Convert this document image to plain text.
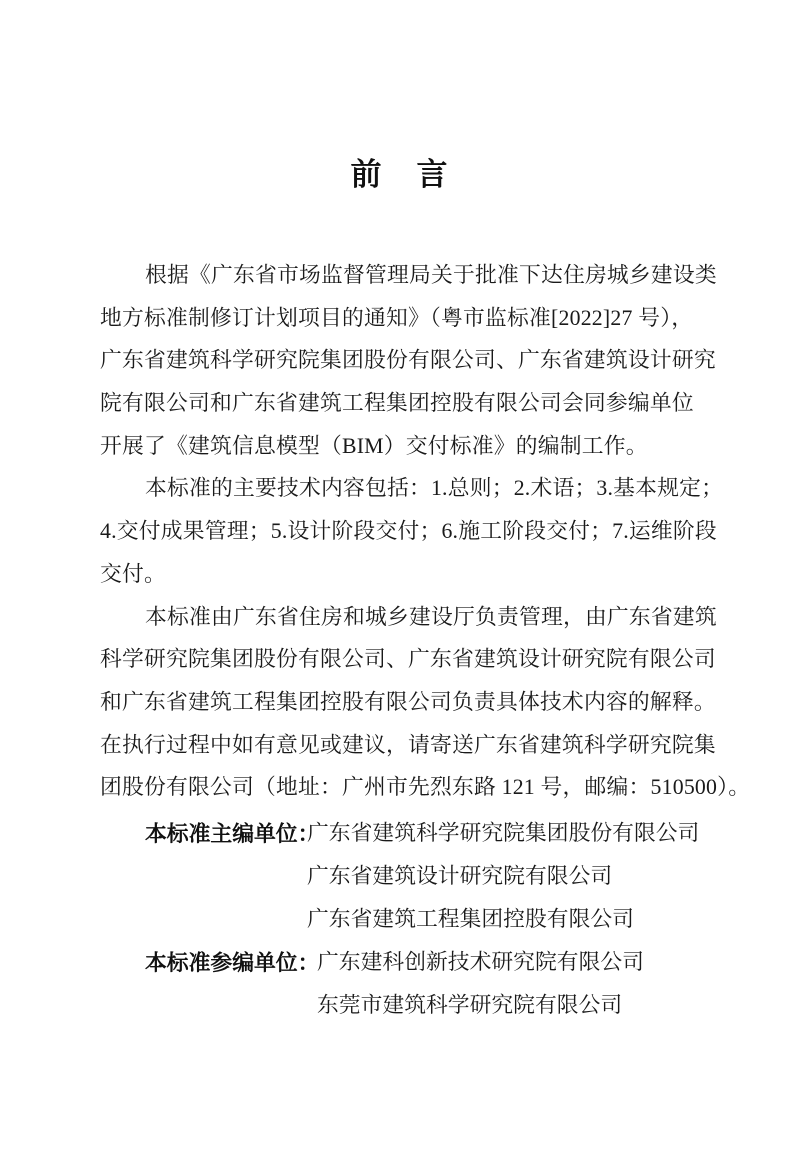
前　言
根据《广东省市场监督管理局关于批准下达住房城乡建设类
地方标准制修订计划项目的通知》（粤市监标准[2022]27 号），
广东省建筑科学研究院集团股份有限公司、广东省建筑设计研究
院有限公司和广东省建筑工程集团控股有限公司会同参编单位
开展了《建筑信息模型（BIM）交付标准》的编制工作。
本标准的主要技术内容包括：1.总则；2.术语；3.基本规定；
4.交付成果管理；5.设计阶段交付；6.施工阶段交付；7.运维阶段
交付。
本标准由广东省住房和城乡建设厅负责管理，由广东省建筑
科学研究院集团股份有限公司、广东省建筑设计研究院有限公司
和广东省建筑工程集团控股有限公司负责具体技术内容的解释。
在执行过程中如有意见或建议，请寄送广东省建筑科学研究院集
团股份有限公司（地址：广州市先烈东路 121 号，邮编：510500）。
本标准主编单位：
广东省建筑科学研究院集团股份有限公司
广东省建筑设计研究院有限公司
广东省建筑工程集团控股有限公司
本标准参编单位：
广东建科创新技术研究院有限公司
东莞市建筑科学研究院有限公司
